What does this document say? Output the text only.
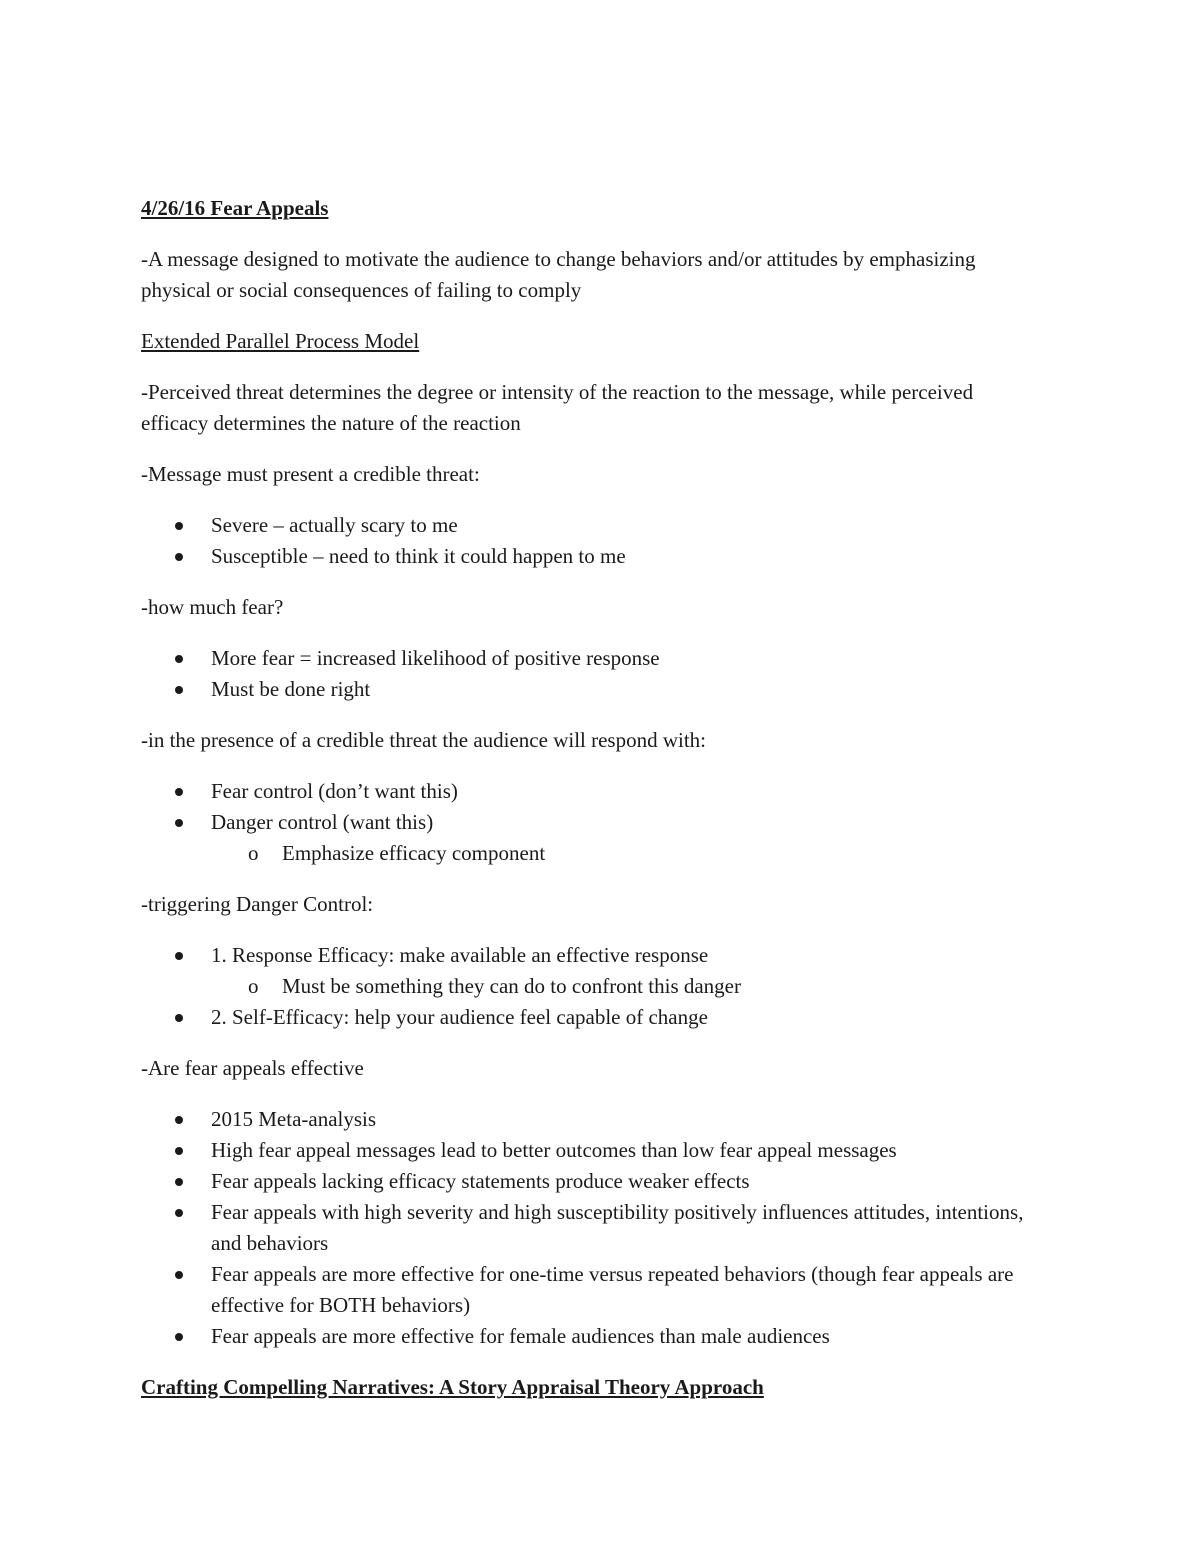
4/26/16 Fear Appeals

-A message designed to motivate the audience to change behaviors and/or attitudes by emphasizing physical or social consequences of failing to comply

Extended Parallel Process Model

-Perceived threat determines the degree or intensity of the reaction to the message, while perceived efficacy determines the nature of the reaction

-Message must present a credible threat:

Severe – actually scary to me
Susceptible – need to think it could happen to me

-how much fear?

More fear = increased likelihood of positive response
Must be done right

-in the presence of a credible threat the audience will respond with:

Fear control (don’t want this)
Danger control (want this)
o Emphasize efficacy component

-triggering Danger Control:

1. Response Efficacy: make available an effective response
o Must be something they can do to confront this danger
2. Self-Efficacy: help your audience feel capable of change

-Are fear appeals effective

2015 Meta-analysis
High fear appeal messages lead to better outcomes than low fear appeal messages
Fear appeals lacking efficacy statements produce weaker effects
Fear appeals with high severity and high susceptibility positively influences attitudes, intentions, and behaviors
Fear appeals are more effective for one-time versus repeated behaviors (though fear appeals are effective for BOTH behaviors)
Fear appeals are more effective for female audiences than male audiences

Crafting Compelling Narratives: A Story Appraisal Theory Approach
